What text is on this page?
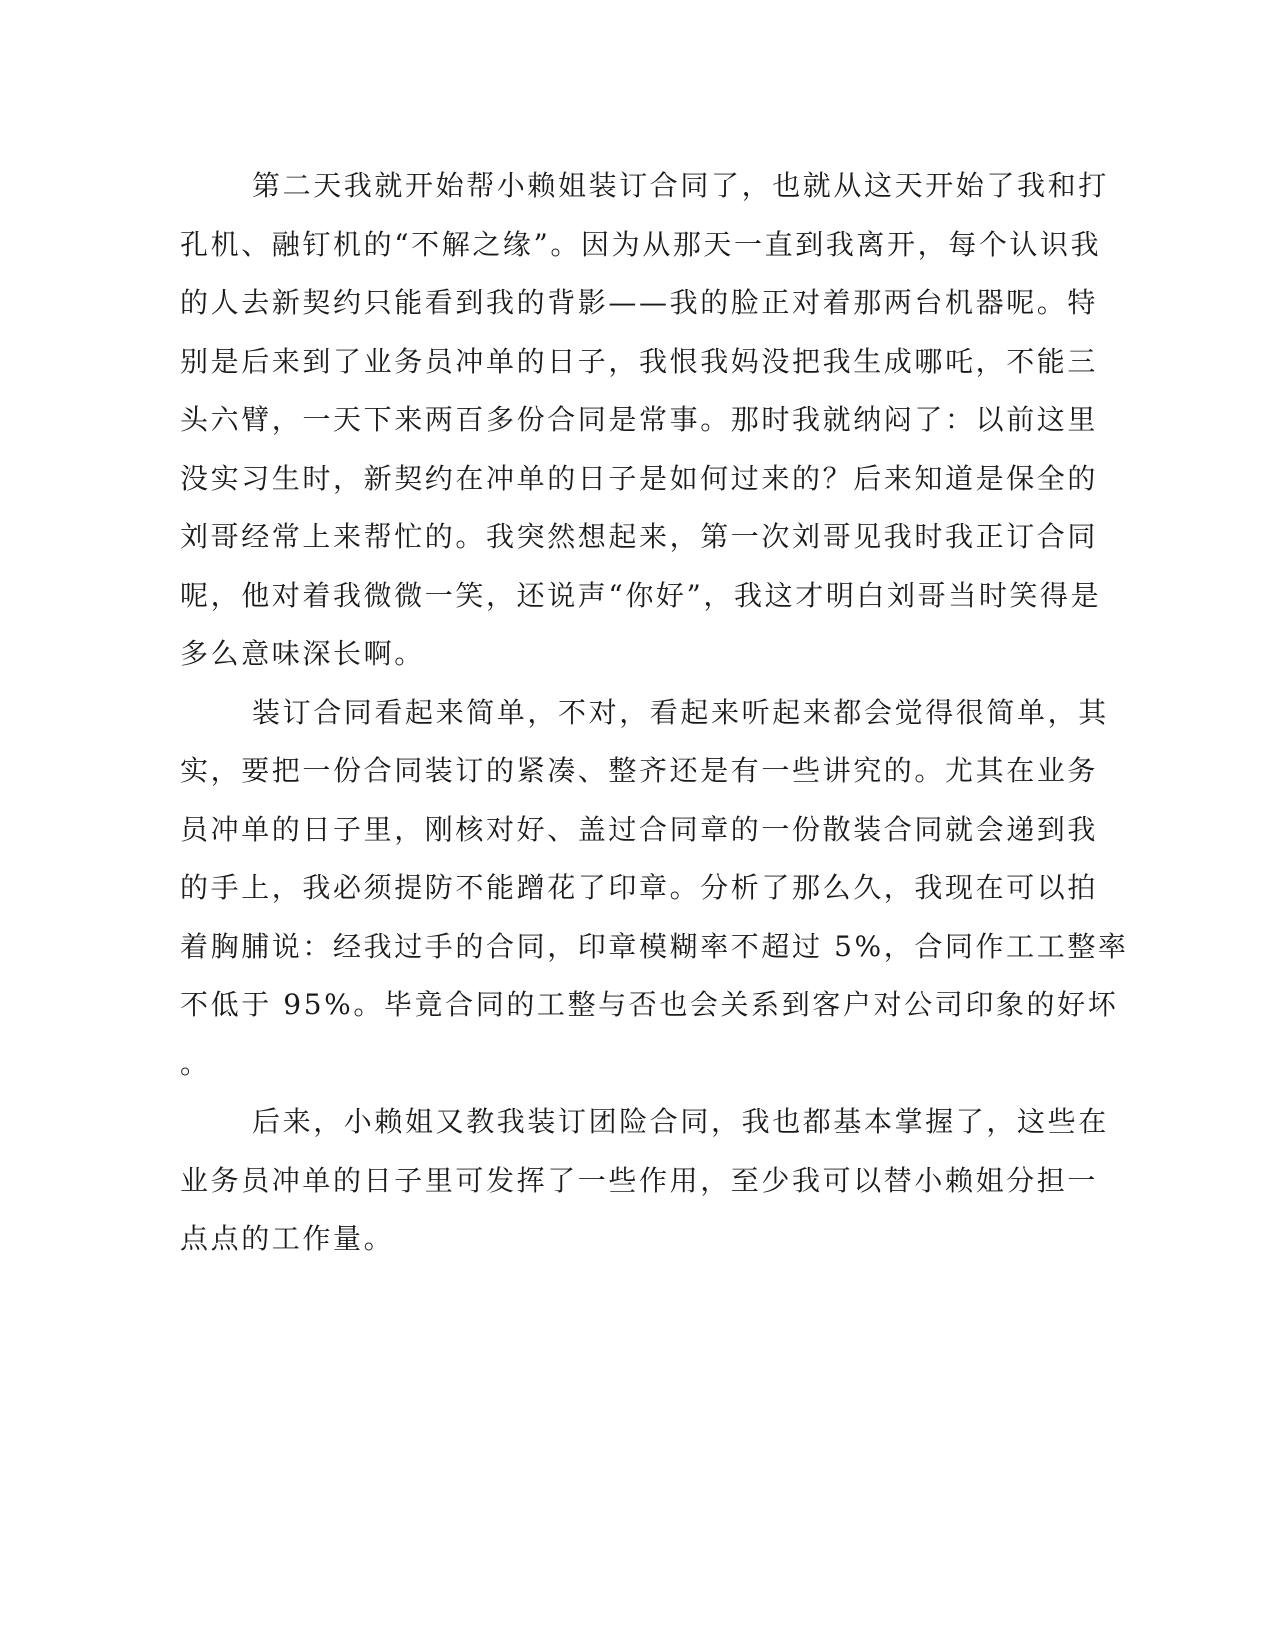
第二天我就开始帮小赖姐装订合同了，也就从这天开始了我和打
孔机、融钉机的“不解之缘”。因为从那天一直到我离开，每个认识我
的人去新契约只能看到我的背影——我的脸正对着那两台机器呢。特
别是后来到了业务员冲单的日子，我恨我妈没把我生成哪吒，不能三
头六臂，一天下来两百多份合同是常事。那时我就纳闷了：以前这里
没实习生时，新契约在冲单的日子是如何过来的？后来知道是保全的
刘哥经常上来帮忙的。我突然想起来，第一次刘哥见我时我正订合同
呢，他对着我微微一笑，还说声“你好”，我这才明白刘哥当时笑得是
多么意味深长啊。
装订合同看起来简单，不对，看起来听起来都会觉得很简单，其
实，要把一份合同装订的紧凑、整齐还是有一些讲究的。尤其在业务
员冲单的日子里，刚核对好、盖过合同章的一份散装合同就会递到我
的手上，我必须提防不能蹭花了印章。分析了那么久，我现在可以拍
着胸脯说：经我过手的合同，印章模糊率不超过 5%，合同作工工整率
不低于 95%。毕竟合同的工整与否也会关系到客户对公司印象的好坏
。
后来，小赖姐又教我装订团险合同，我也都基本掌握了，这些在
业务员冲单的日子里可发挥了一些作用，至少我可以替小赖姐分担一
点点的工作量。
